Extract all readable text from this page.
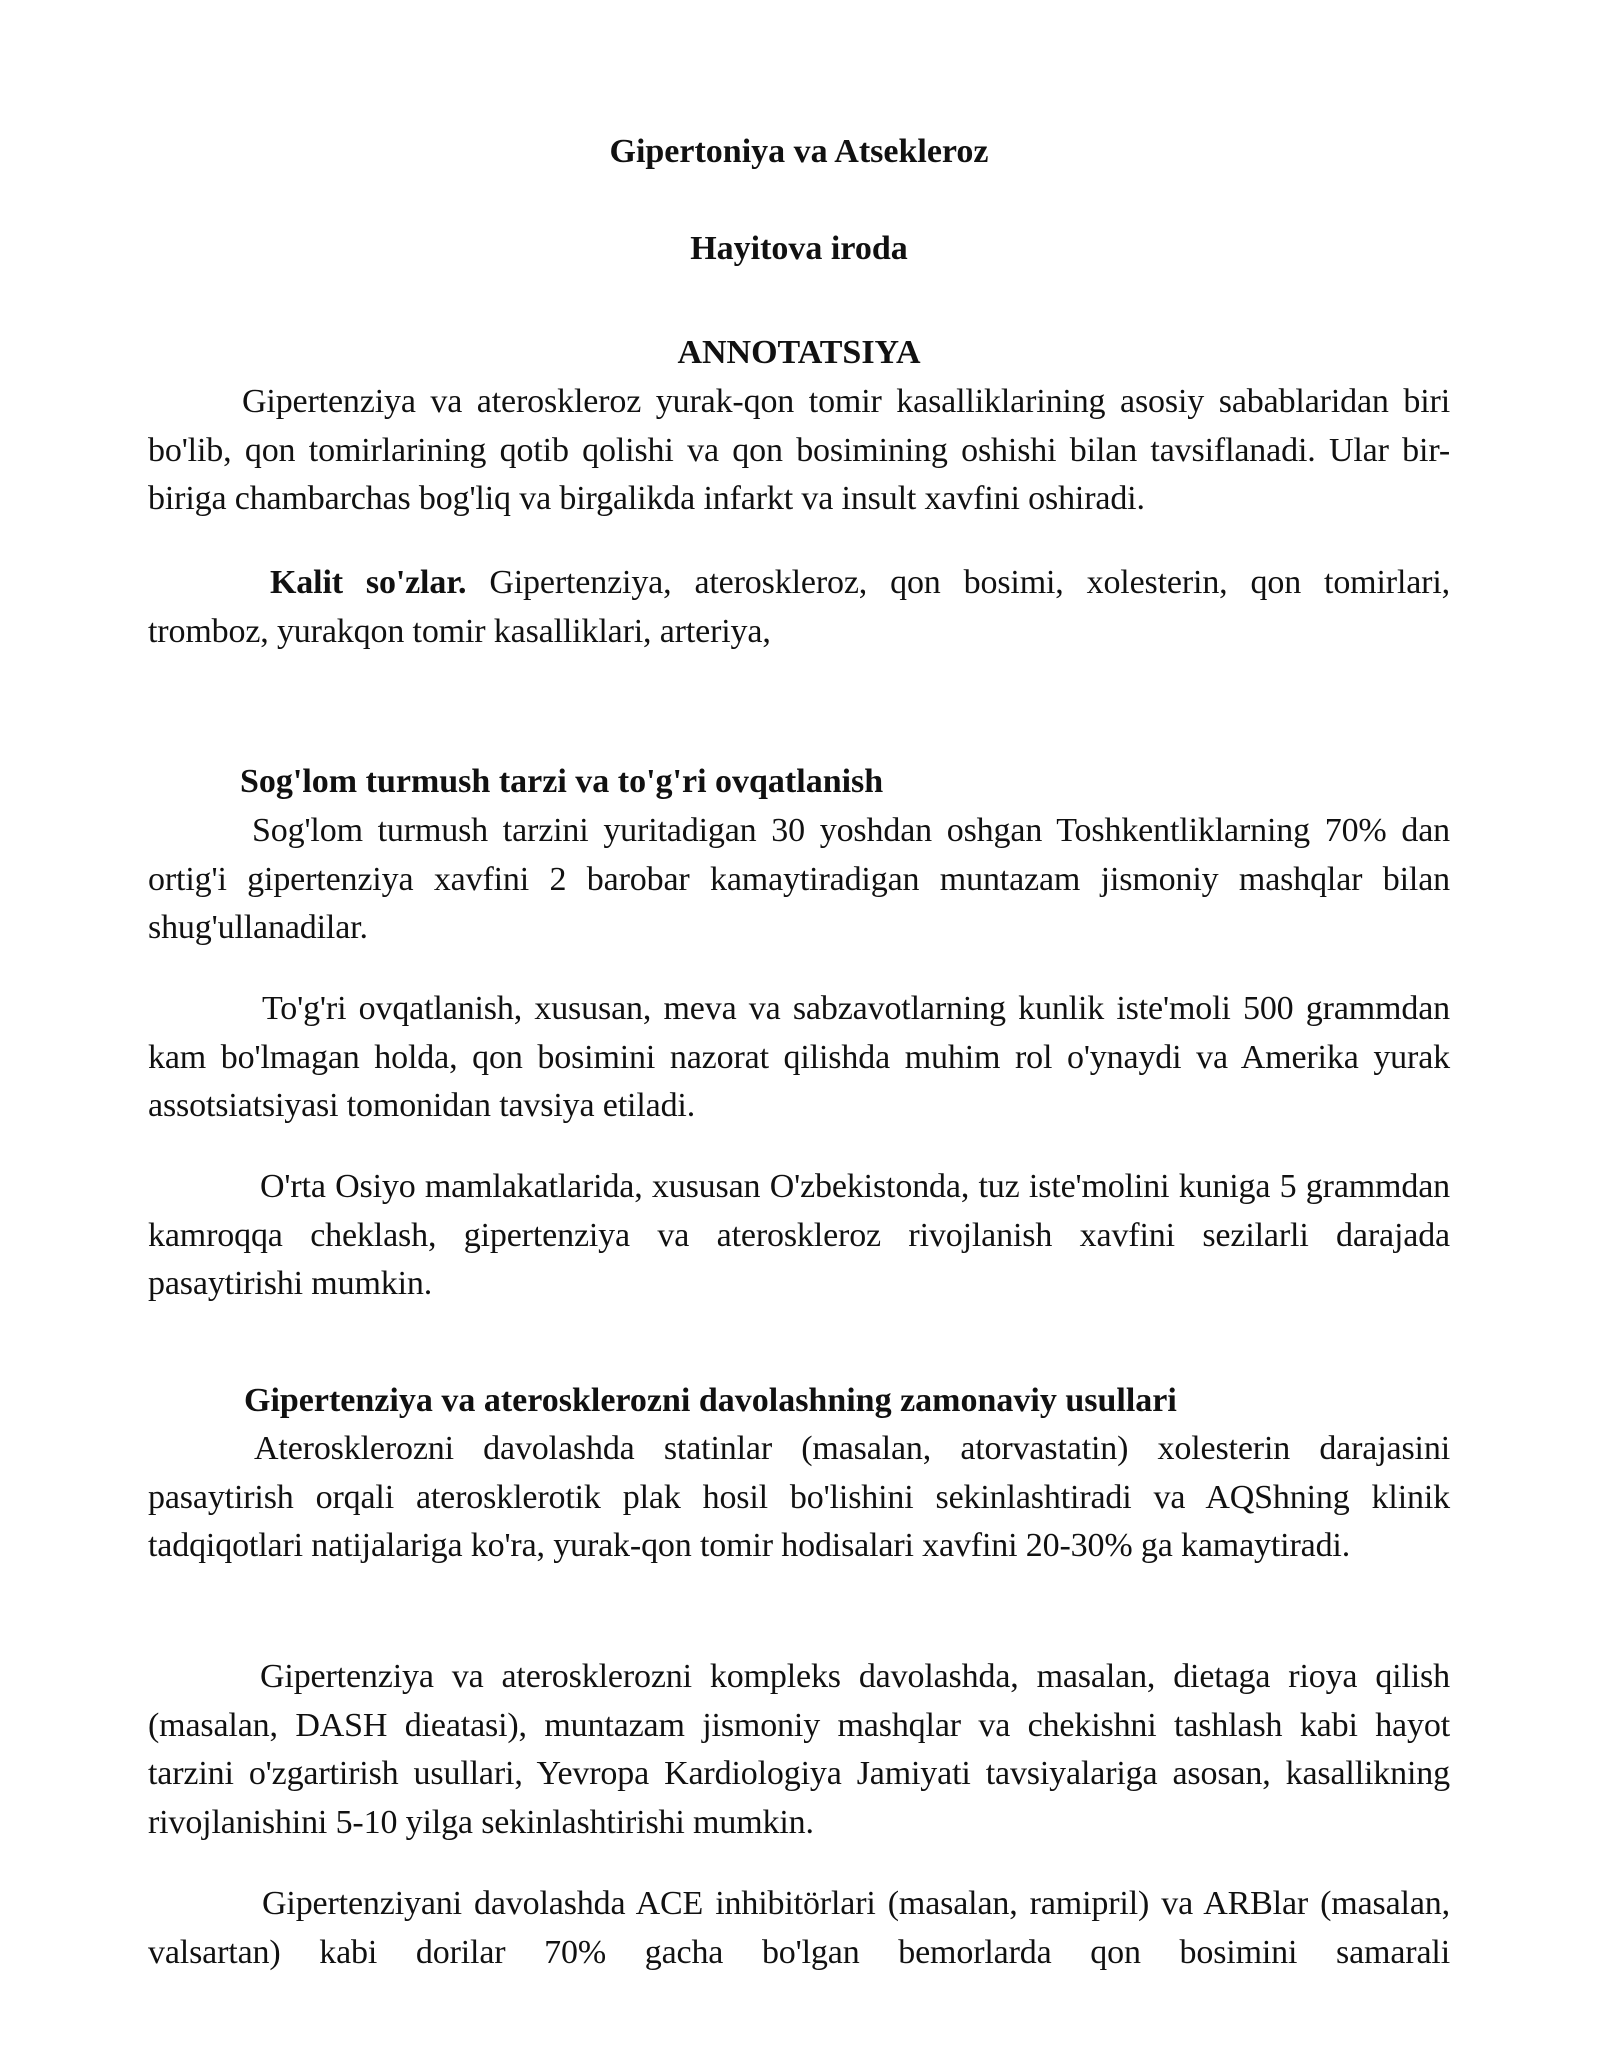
Gipertoniya va Atsekleroz
Hayitova iroda
ANNOTATSIYA

Gipertenziya va ateroskleroz yurak-qon tomir kasalliklarining asosiy sabablaridan biri bo'lib, qon tomirlarining qotib qolishi va qon bosimining oshishi bilan tavsiflanadi. Ular bir-biriga chambarchas bog'liq va birgalikda infarkt va insult xavfini oshiradi.

Kalit so'zlar. Gipertenziya, ateroskleroz, qon bosimi, xolesterin, qon tomirlari, tromboz, yurakqon tomir kasalliklari, arteriya,

Sog'lom turmush tarzi va to'g'ri ovqatlanish

Sog'lom turmush tarzini yuritadigan 30 yoshdan oshgan Toshkentliklarning 70% dan ortig'i gipertenziya xavfini 2 barobar kamaytiradigan muntazam jismoniy mashqlar bilan shug'ullanadilar.

To'g'ri ovqatlanish, xususan, meva va sabzavotlarning kunlik iste'moli 500 grammdan kam bo'lmagan holda, qon bosimini nazorat qilishda muhim rol o'ynaydi va Amerika yurak assotsiatsiyasi tomonidan tavsiya etiladi.

O'rta Osiyo mamlakatlarida, xususan O'zbekistonda, tuz iste'molini kuniga 5 grammdan kamroqqa cheklash, gipertenziya va ateroskleroz rivojlanish xavfini sezilarli darajada pasaytirishi mumkin.

Gipertenziya va aterosklerozni davolashning zamonaviy usullari

Aterosklerozni davolashda statinlar (masalan, atorvastatin) xolesterin darajasini pasaytirish orqali aterosklerotik plak hosil bo'lishini sekinlashtiradi va AQShning klinik tadqiqotlari natijalariga ko'ra, yurak-qon tomir hodisalari xavfini 20-30% ga kamaytiradi.

Gipertenziya va aterosklerozni kompleks davolashda, masalan, dietaga rioya qilish (masalan, DASH dieatasi), muntazam jismoniy mashqlar va chekishni tashlash kabi hayot tarzini o'zgartirish usullari, Yevropa Kardiologiya Jamiyati tavsiyalariga asosan, kasallikning rivojlanishini 5-10 yilga sekinlashtirishi mumkin.

Gipertenziyani davolashda ACE inhibitörlari (masalan, ramipril) va ARBlar (masalan, valsartan) kabi dorilar 70% gacha bo'lgan bemorlarda qon bosimini samarali
